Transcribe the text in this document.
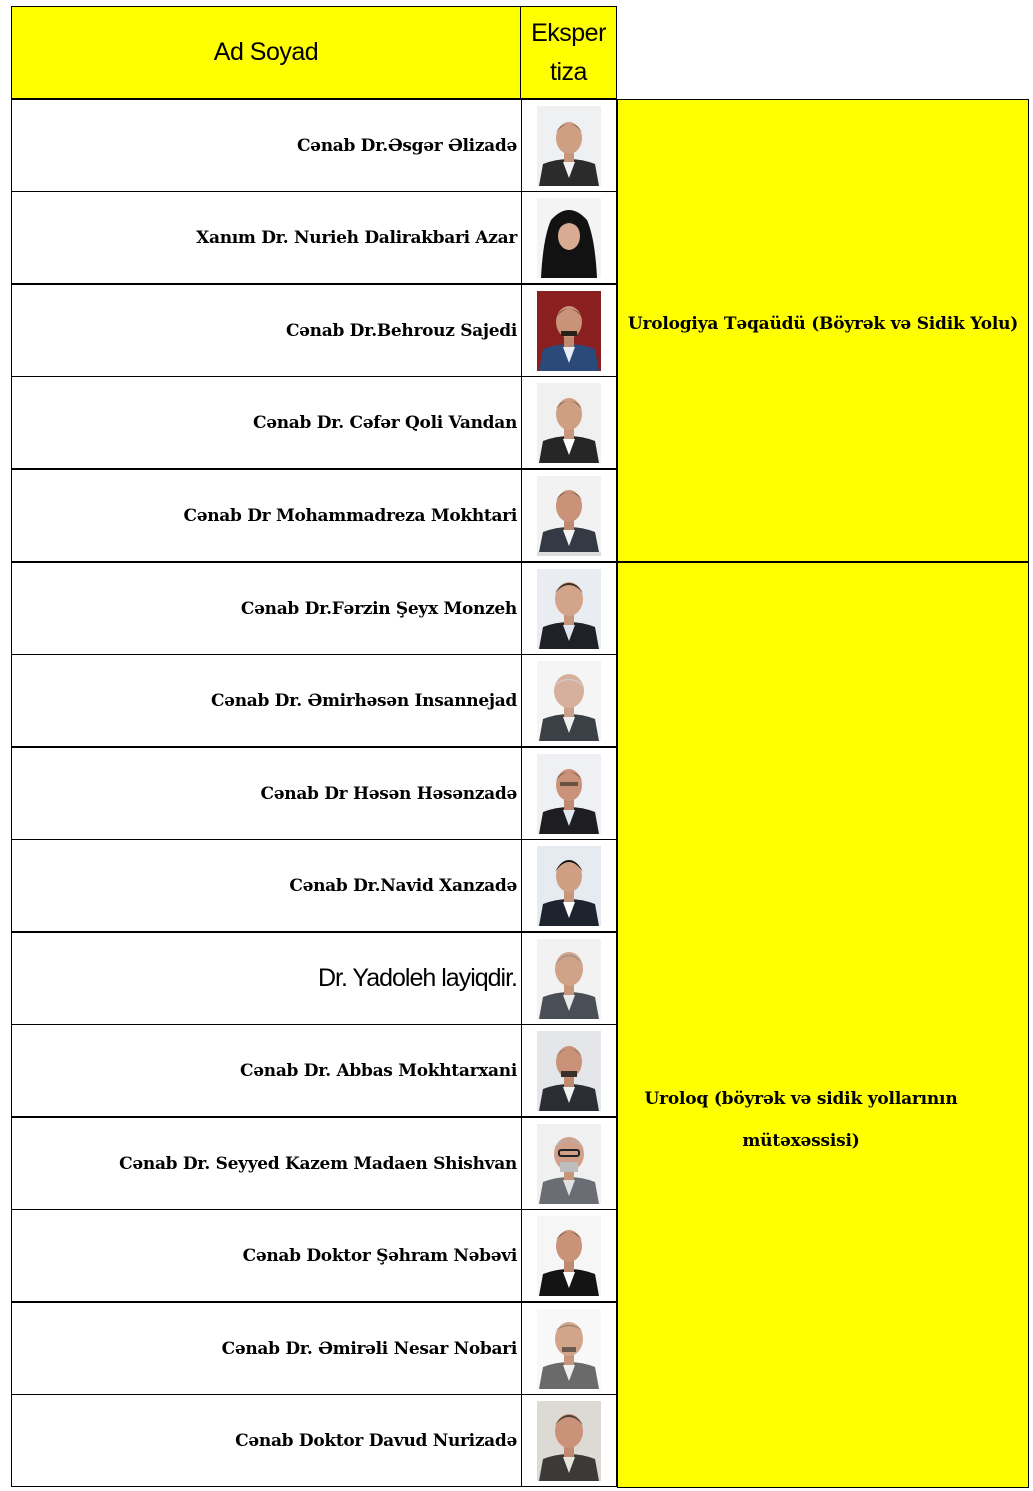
Ad Soyad
Eksper
tiza
Cənab Dr.Əsgər Əlizadə
Xanım Dr. Nurieh Dalirakbari Azar
Cənab Dr.Behrouz Sajedi
Cənab Dr. Cəfər Qoli Vandan
Cənab Dr Mohammadreza Mokhtari
Cənab Dr.Fərzin Şeyx Monzeh
Cənab Dr. Əmirhəsən Insannejad
Cənab Dr Həsən Həsənzadə
Cənab Dr.Navid Xanzadə
Dr. Yadoleh layiqdir.
Cənab Dr. Abbas Mokhtarxani
Cənab Dr. Seyyed Kazem Madaen Shishvan
Cənab Doktor Şəhram Nəbəvi
Cənab Dr. Əmirəli Nesar Nobari
Cənab Doktor Davud Nurizadə
Urologiya Təqaüdü (Böyrək və Sidik Yolu)
Uroloq (böyrək və sidik yollarının mütəxəssisi)
